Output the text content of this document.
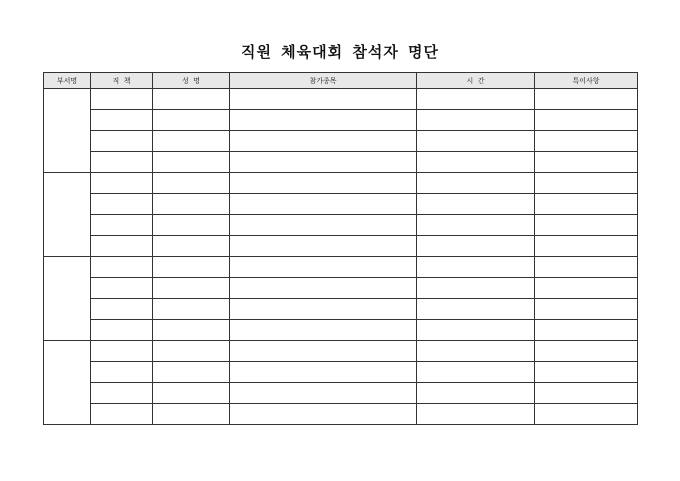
직원 체육대회 참석자 명단
부서명	직  책	성  명	참가종목	시  간	특이사항
